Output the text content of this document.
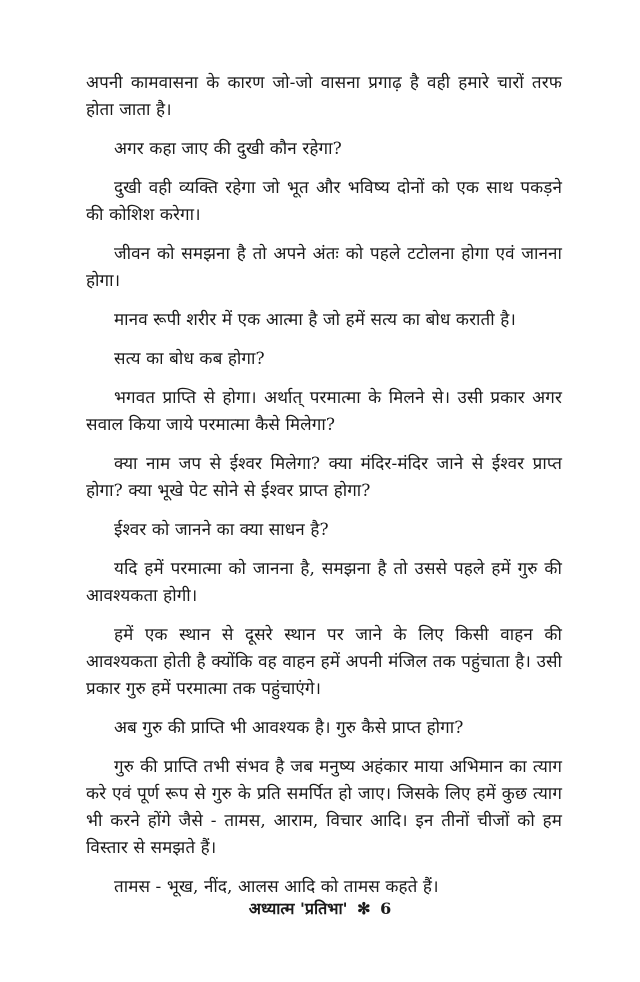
अपनी कामवासना के कारण जो-जो वासना प्रगाढ़ है वही हमारे चारों तरफ होता जाता है।

अगर कहा जाए की दुखी कौन रहेगा?

दुखी वही व्यक्ति रहेगा जो भूत और भविष्य दोनों को एक साथ पकड़ने की कोशिश करेगा।

जीवन को समझना है तो अपने अंतः को पहले टटोलना होगा एवं जानना होगा।

मानव रूपी शरीर में एक आत्मा है जो हमें सत्य का बोध कराती है।

सत्य का बोध कब होगा?

भगवत प्राप्ति से होगा। अर्थात् परमात्मा के मिलने से। उसी प्रकार अगर सवाल किया जाये परमात्मा कैसे मिलेगा?

क्या नाम जप से ईश्वर मिलेगा? क्या मंदिर-मंदिर जाने से ईश्वर प्राप्त होगा? क्या भूखे पेट सोने से ईश्वर प्राप्त होगा?

ईश्वर को जानने का क्या साधन है?

यदि हमें परमात्मा को जानना है, समझना है तो उससे पहले हमें गुरु की आवश्यकता होगी।

हमें एक स्थान से दूसरे स्थान पर जाने के लिए किसी वाहन की आवश्यकता होती है क्योंकि वह वाहन हमें अपनी मंजिल तक पहुंचाता है। उसी प्रकार गुरु हमें परमात्मा तक पहुंचाएंगे।

अब गुरु की प्राप्ति भी आवश्यक है। गुरु कैसे प्राप्त होगा?

गुरु की प्राप्ति तभी संभव है जब मनुष्य अहंकार माया अभिमान का त्याग करे एवं पूर्ण रूप से गुरु के प्रति समर्पित हो जाए। जिसके लिए हमें कुछ त्याग भी करने होंगे जैसे - तामस, आराम, विचार आदि। इन तीनों चीजों को हम विस्तार से समझते हैं।

तामस - भूख, नींद, आलस आदि को तामस कहते हैं।

अध्यात्म 'प्रतिभा' ✻ 6
